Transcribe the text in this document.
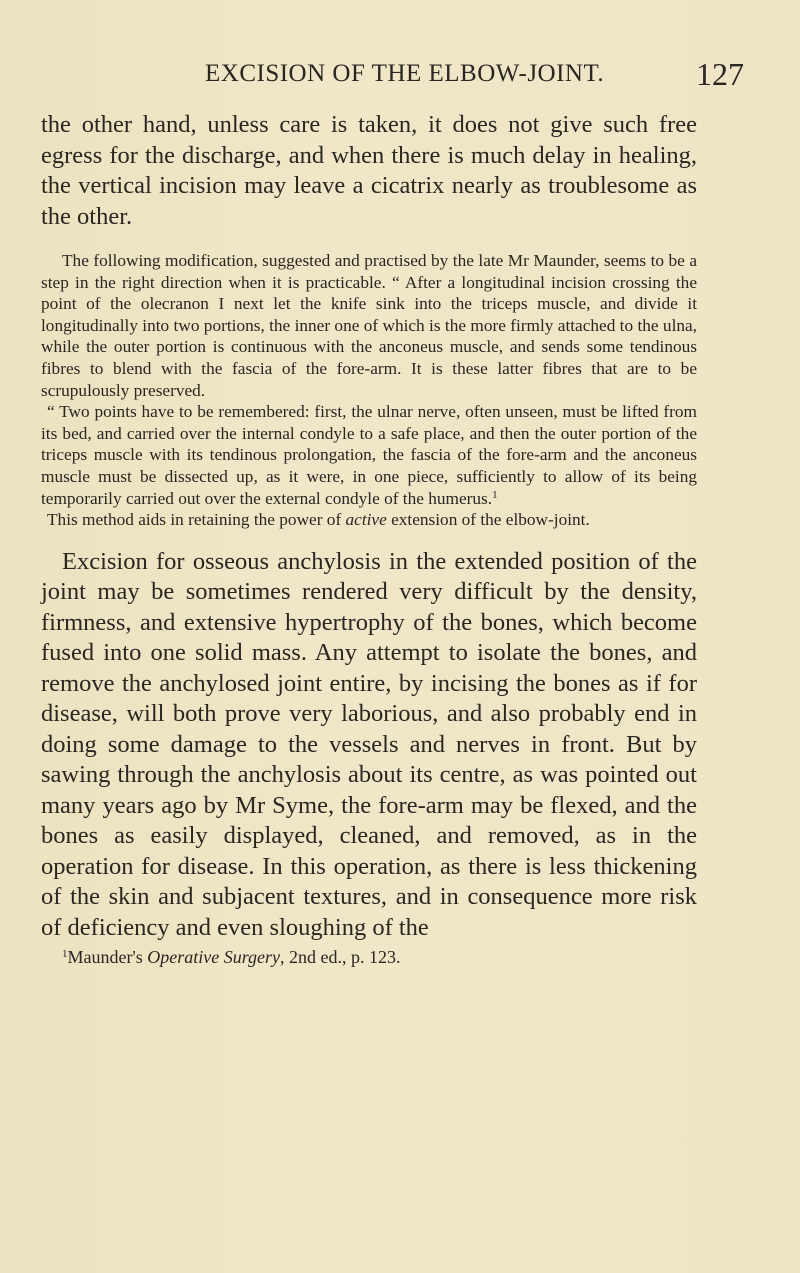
EXCISION OF THE ELBOW-JOINT.	127

the other hand, unless care is taken, it does not give such free egress for the discharge, and when there is much delay in healing, the vertical incision may leave a cicatrix nearly as troublesome as the other.

The following modification, suggested and practised by the late Mr Maunder, seems to be a step in the right direction when it is practicable. “ After a longitudinal incision crossing the point of the olecranon I next let the knife sink into the triceps muscle, and divide it longitudinally into two portions, the inner one of which is the more firmly attached to the ulna, while the outer portion is continuous with the anconeus muscle, and sends some tendinous fibres to blend with the fascia of the fore-arm. It is these latter fibres that are to be scrupulously preserved.

“ Two points have to be remembered: first, the ulnar nerve, often unseen, must be lifted from its bed, and carried over the internal condyle to a safe place, and then the outer portion of the triceps muscle with its tendinous prolongation, the fascia of the fore-arm and the anconeus muscle must be dissected up, as it were, in one piece, sufficiently to allow of its being temporarily carried out over the external condyle of the humerus.$^1$

This method aids in retaining the power of active extension of the elbow-joint.

Excision for osseous anchylosis in the extended position of the joint may be sometimes rendered very difficult by the density, firmness, and extensive hypertrophy of the bones, which become fused into one solid mass. Any attempt to isolate the bones, and remove the anchylosed joint entire, by incising the bones as if for disease, will both prove very laborious, and also probably end in doing some damage to the vessels and nerves in front. But by sawing through the anchylosis about its centre, as was pointed out many years ago by Mr Syme, the fore-arm may be flexed, and the bones as easily displayed, cleaned, and removed, as in the operation for disease. In this operation, as there is less thickening of the skin and subjacent textures, and in consequence more risk of deficiency and even sloughing of the

$^1$Maunder's Operative Surgery, 2nd ed., p. 123.
